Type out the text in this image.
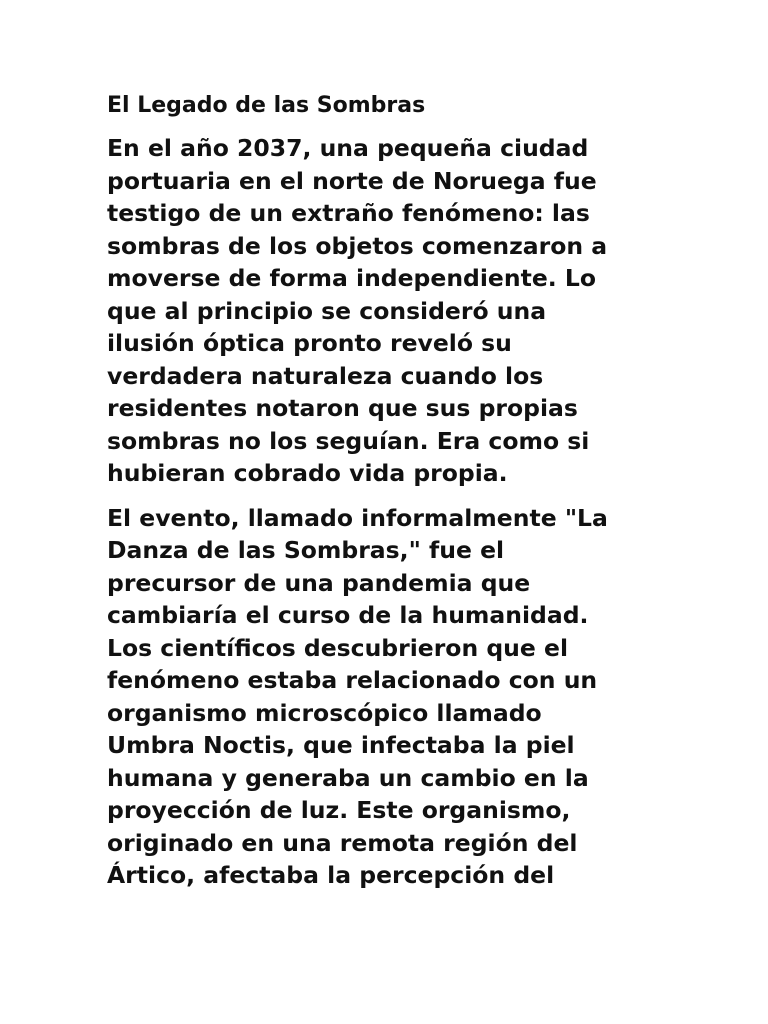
El Legado de las Sombras
En el año 2037, una pequeña ciudad
portuaria en el norte de Noruega fue
testigo de un extraño fenómeno: las
sombras de los objetos comenzaron a
moverse de forma independiente. Lo
que al principio se consideró una
ilusión óptica pronto reveló su
verdadera naturaleza cuando los
residentes notaron que sus propias
sombras no los seguían. Era como si
hubieran cobrado vida propia.
El evento, llamado informalmente "La
Danza de las Sombras," fue el
precursor de una pandemia que
cambiaría el curso de la humanidad.
Los científicos descubrieron que el
fenómeno estaba relacionado con un
organismo microscópico llamado
Umbra Noctis, que infectaba la piel
humana y generaba un cambio en la
proyección de luz. Este organismo,
originado en una remota región del
Ártico, afectaba la percepción del
